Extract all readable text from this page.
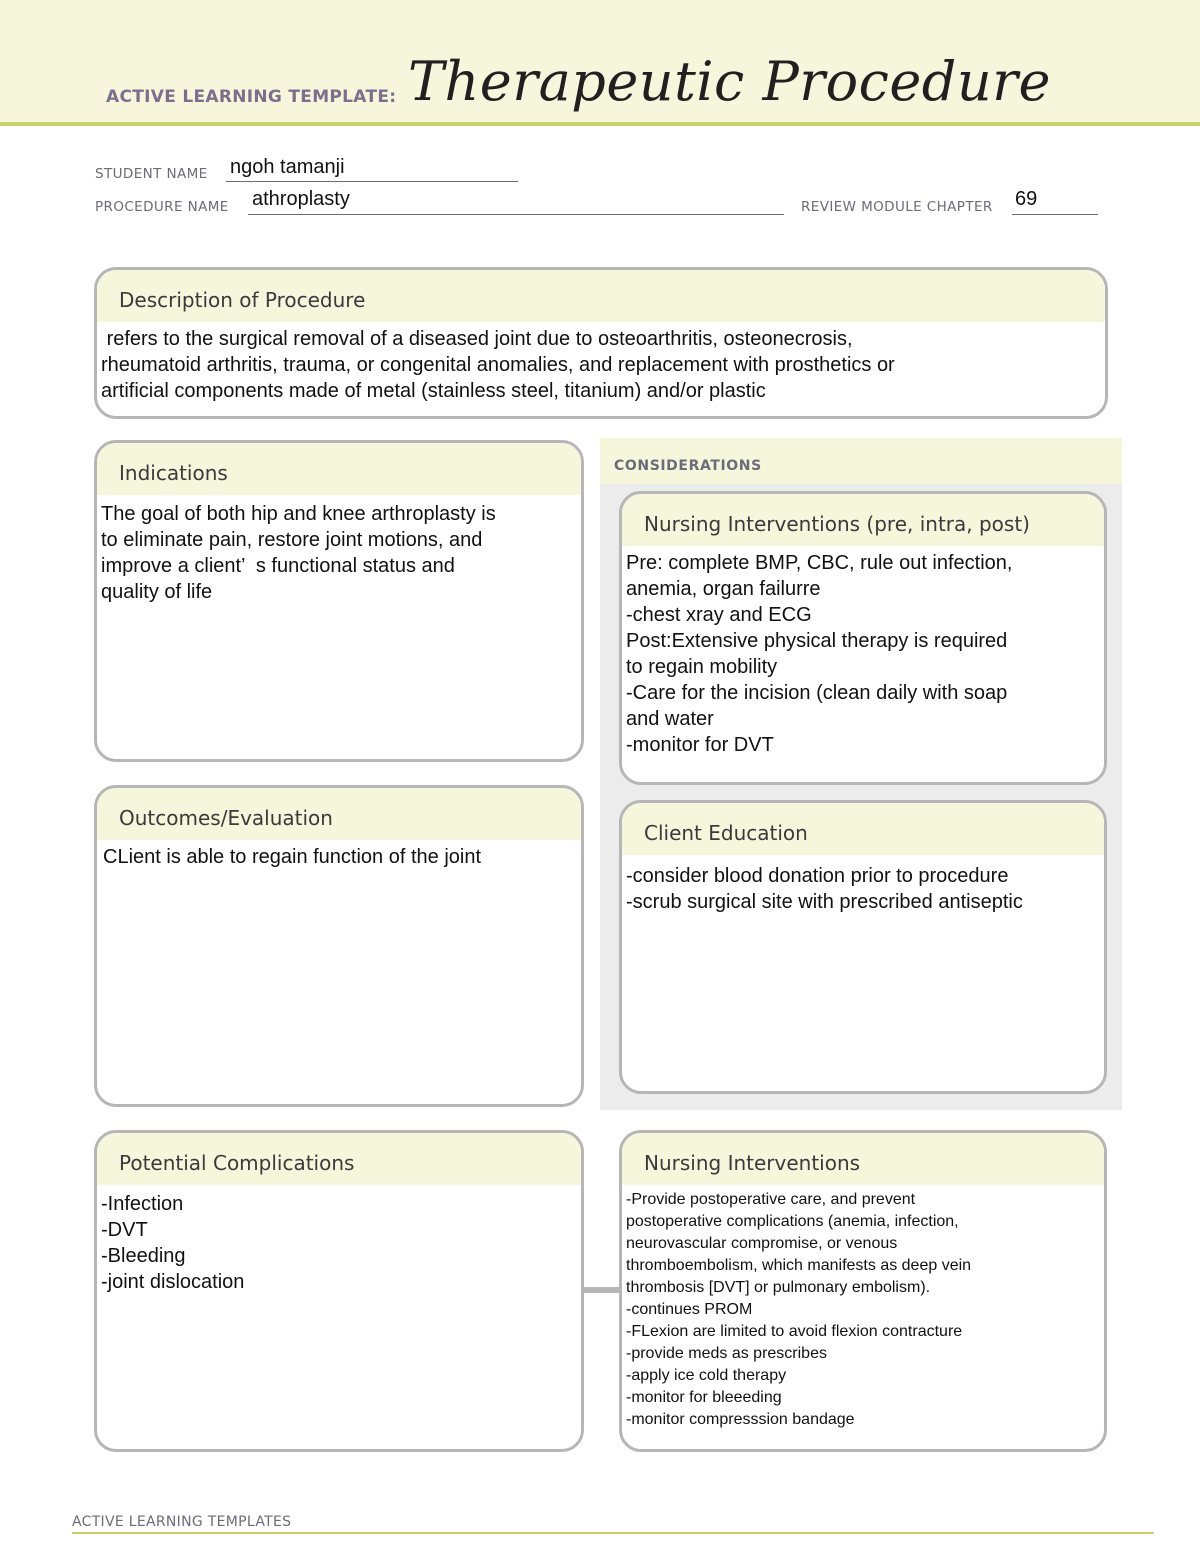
ACTIVE LEARNING TEMPLATE: Therapeutic Procedure
STUDENT NAME ngoh tamanji
PROCEDURE NAME athroplasty	REVIEW MODULE CHAPTER 69
Description of Procedure
refers to the surgical removal of a diseased joint due to osteoarthritis, osteonecrosis,
rheumatoid arthritis, trauma, or congenital anomalies, and replacement with prosthetics or
artificial components made of metal (stainless steel, titanium) and/or plastic
Indications
The goal of both hip and knee arthroplasty is
to eliminate pain, restore joint motions, and
improve a client’  s functional status and
quality of life
CONSIDERATIONS
Nursing Interventions (pre, intra, post)
Pre: complete BMP, CBC, rule out infection,
anemia, organ failurre
-chest xray and ECG
Post:Extensive physical therapy is required
to regain mobility
-Care for the incision (clean daily with soap
and water
-monitor for DVT
Outcomes/Evaluation
CLient is able to regain function of the joint
Client Education
-consider blood donation prior to procedure
-scrub surgical site with prescribed antiseptic
Potential Complications
-Infection
-DVT
-Bleeding
-joint dislocation
Nursing Interventions
-Provide postoperative care, and prevent
postoperative complications (anemia, infection,
neurovascular compromise, or venous
thromboembolism, which manifests as deep vein
thrombosis [DVT] or pulmonary embolism).
-continues PROM
-FLexion are limited to avoid flexion contracture
-provide meds as prescribes
-apply ice cold therapy
-monitor for bleeeding
-monitor compresssion bandage
ACTIVE LEARNING TEMPLATES
